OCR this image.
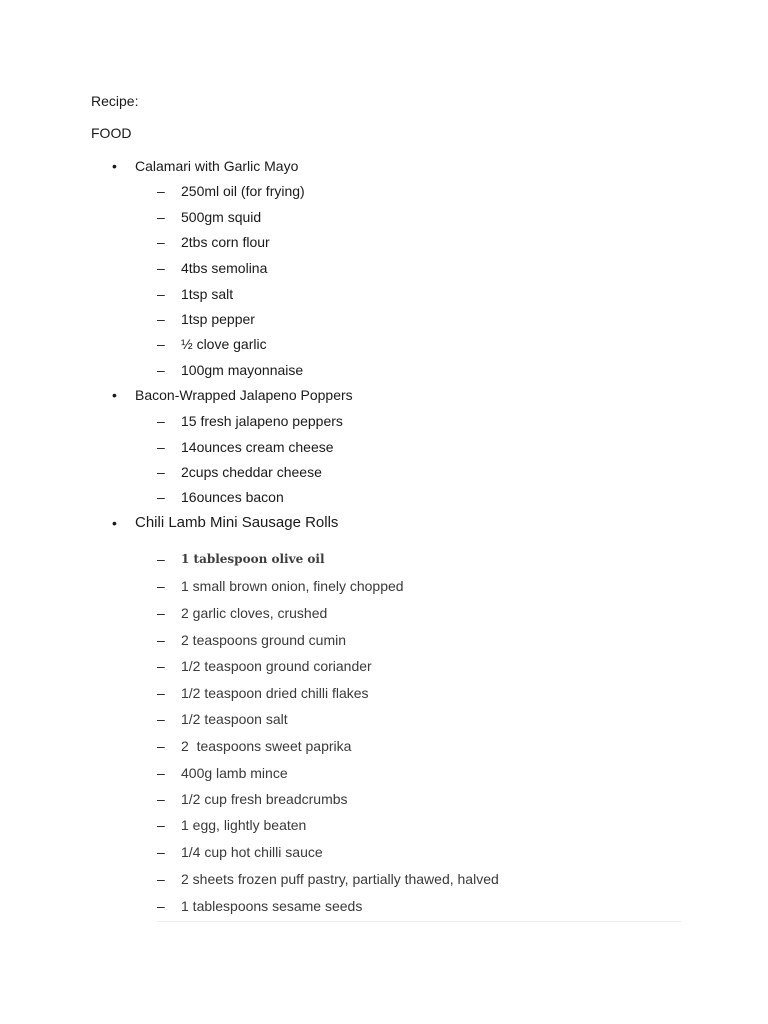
Recipe:
FOOD

•

	Calamari with Garlic Mayo

–	250ml oil (for frying)
–	500gm squid
–	2tbs corn flour
–	4tbs semolina
–	1tsp salt
–	1tsp pepper
–	½ clove garlic
–	100gm mayonnaise

•

	Bacon-Wrapped Jalapeno Poppers

–	15 fresh jalapeno peppers
–	14ounces cream cheese
–	2cups cheddar cheese
–	16ounces bacon

•

	Chili Lamb Mini Sausage Rolls

–	1 tablespoon olive oil
–	1 small brown onion, finely chopped
–	2 garlic cloves, crushed
–	2 teaspoons ground cumin
–	1/2 teaspoon ground coriander
–	1/2 teaspoon dried chilli flakes
–	1/2 teaspoon salt
–	2  teaspoons sweet paprika
–	400g lamb mince
–	1/2 cup fresh breadcrumbs
–	1 egg, lightly beaten
–	1/4 cup hot chilli sauce
–	2 sheets frozen puff pastry, partially thawed, halved
–	1 tablespoons sesame seeds
